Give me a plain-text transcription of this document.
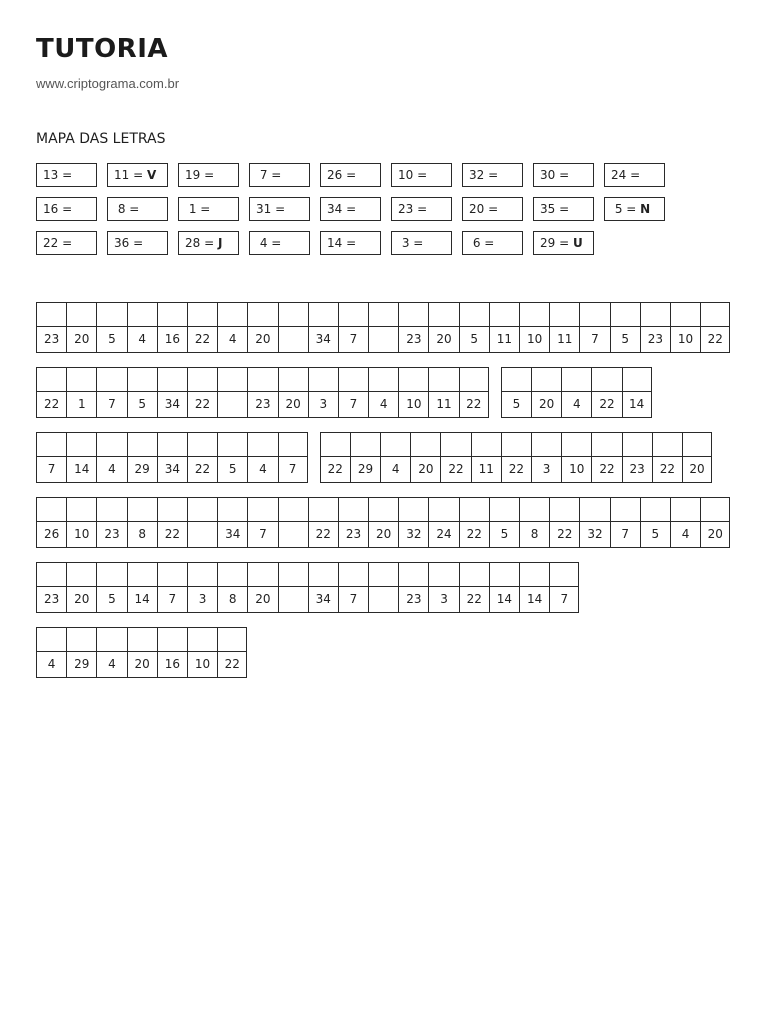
TUTORIA
www.criptograma.com.br
MAPA DAS LETRAS
13 =	11 = V	19 =	7 =	26 =	10 =	32 =	30 =	24 =
16 =	8 =	1 =	31 =	34 =	23 =	20 =	35 =	5 = N
22 =	36 =	28 = J	4 =	14 =	3 =	6 =	29 = U
23	20	5	4	16	22	4	20	34	7	23	20	5	11	10	11	7	5	23	10	22
22	1	7	5	34	22	23	20	3	7	4	10	11	22	5	20	4	22	14
7	14	4	29	34	22	5	4	7	22	29	4	20	22	11	22	3	10	22	23	22	20
26	10	23	8	22	34	7	22	23	20	32	24	22	5	8	22	32	7	5	4	20
23	20	5	14	7	3	8	20	34	7	23	3	22	14	14	7
4	29	4	20	16	10	22
